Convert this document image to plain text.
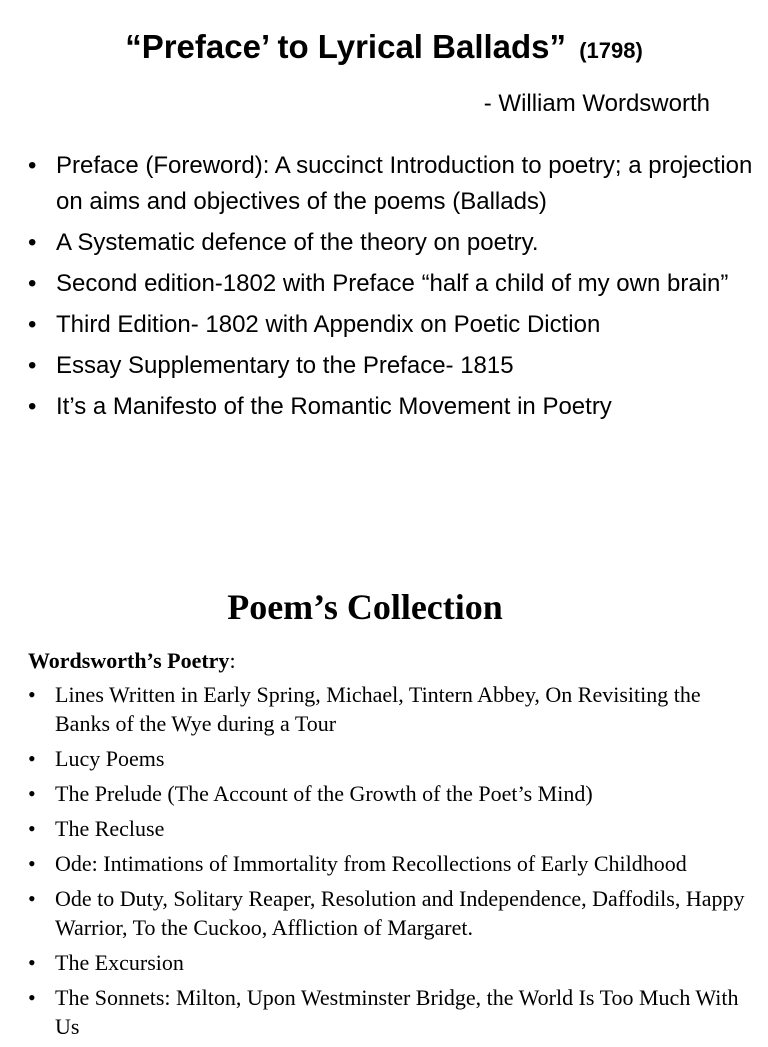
“Preface’ to Lyrical Ballads” (1798)
- William Wordsworth
• Preface (Foreword): A succinct Introduction to poetry; a projection on aims and objectives of the poems (Ballads)
• A Systematic defence of the theory on poetry.
• Second edition-1802 with Preface “half a child of my own brain”
• Third Edition- 1802 with Appendix on Poetic Diction
• Essay Supplementary to the Preface- 1815
• It’s a Manifesto of the Romantic Movement in Poetry
Poem’s Collection
Wordsworth’s Poetry:
• Lines Written in Early Spring, Michael, Tintern Abbey, On Revisiting the Banks of the Wye during a Tour
• Lucy Poems
• The Prelude (The Account of the Growth of the Poet’s Mind)
• The Recluse
• Ode: Intimations of Immortality from Recollections of Early Childhood
• Ode to Duty, Solitary Reaper, Resolution and Independence, Daffodils, Happy Warrior, To the Cuckoo, Affliction of Margaret.
• The Excursion
• The Sonnets: Milton, Upon Westminster Bridge, the World Is Too Much With Us
